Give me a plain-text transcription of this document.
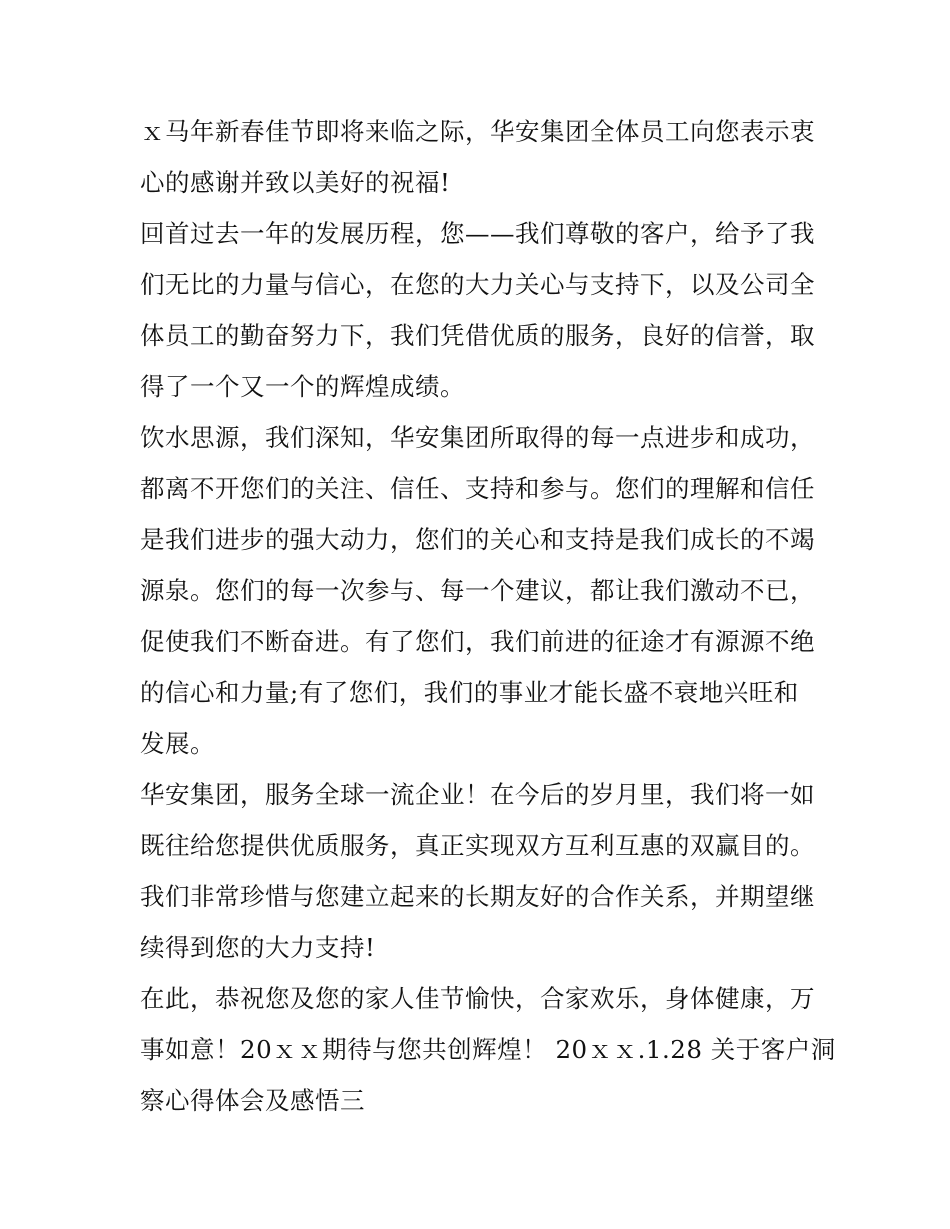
ｘ马年新春佳节即将来临之际，华安集团全体员工向您表示衷
心的感谢并致以美好的祝福!
回首过去一年的发展历程，您——我们尊敬的客户，给予了我
们无比的力量与信心，在您的大力关心与支持下，以及公司全
体员工的勤奋努力下，我们凭借优质的服务，良好的信誉，取
得了一个又一个的辉煌成绩。
饮水思源，我们深知，华安集团所取得的每一点进步和成功，
都离不开您们的关注、信任、支持和参与。您们的理解和信任
是我们进步的强大动力，您们的关心和支持是我们成长的不竭
源泉。您们的每一次参与、每一个建议，都让我们激动不已，
促使我们不断奋进。有了您们，我们前进的征途才有源源不绝
的信心和力量;有了您们，我们的事业才能长盛不衰地兴旺和
发展。
华安集团，服务全球一流企业！在今后的岁月里，我们将一如
既往给您提供优质服务，真正实现双方互利互惠的双赢目的。
我们非常珍惜与您建立起来的长期友好的合作关系，并期望继
续得到您的大力支持!
在此，恭祝您及您的家人佳节愉快，合家欢乐，身体健康，万
事如意！20ｘｘ期待与您共创辉煌！ 20ｘｘ.1.28 关于客户洞
察心得体会及感悟三
